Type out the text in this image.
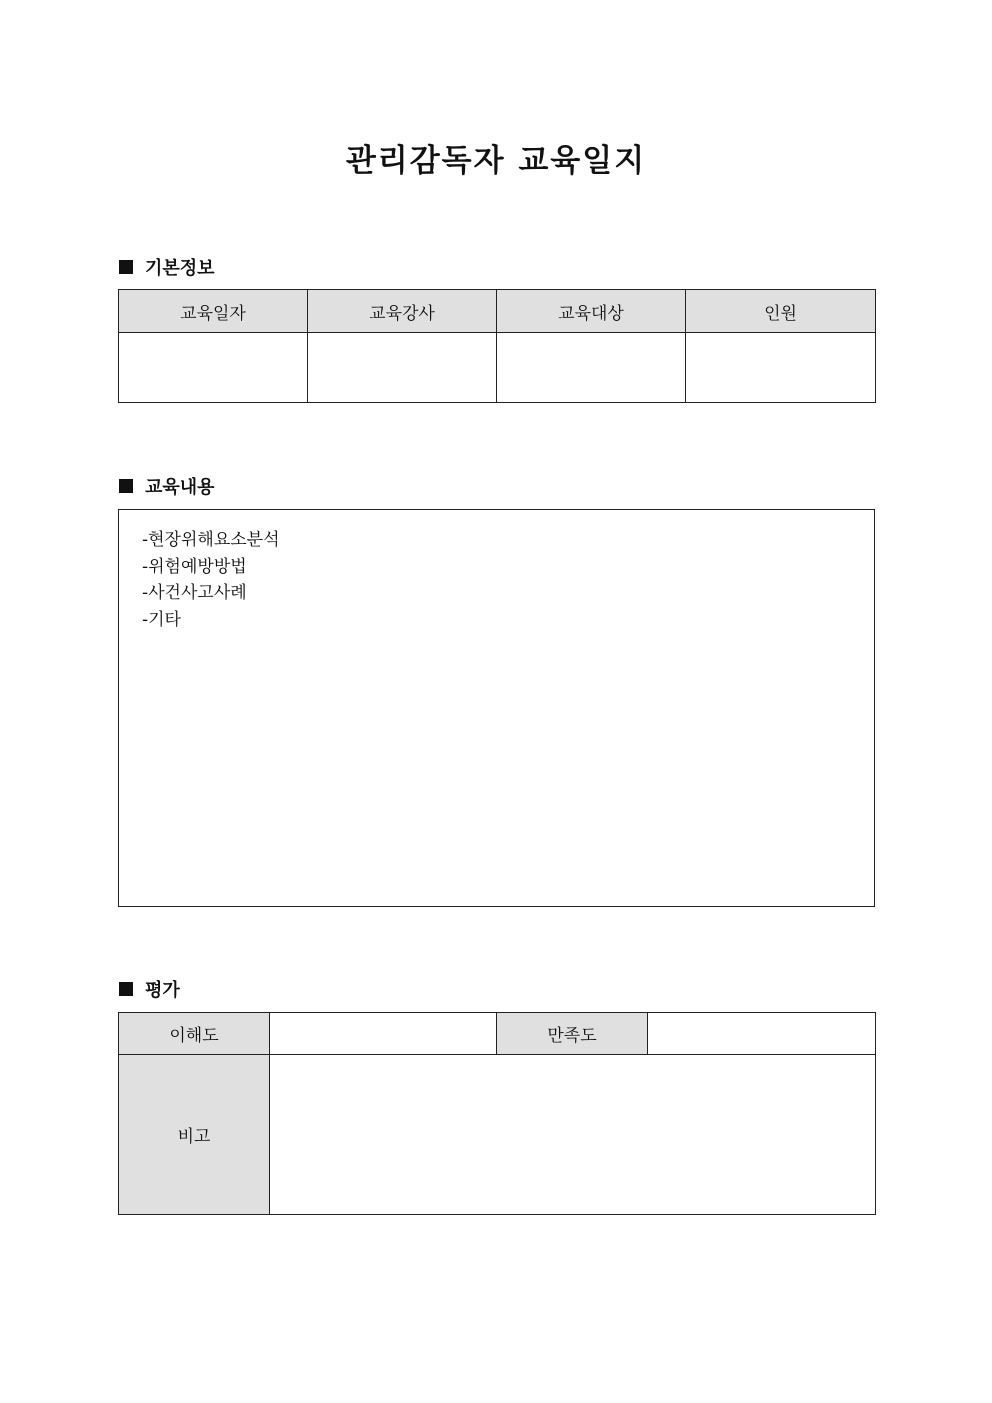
관리감독자 교육일지
기본정보
교육일자	교육강사	교육대상	인원

교육내용
-현장위해요소분석
-위험예방방법
-사건사고사례
-기타
평가
이해도		만족도	
비고			
